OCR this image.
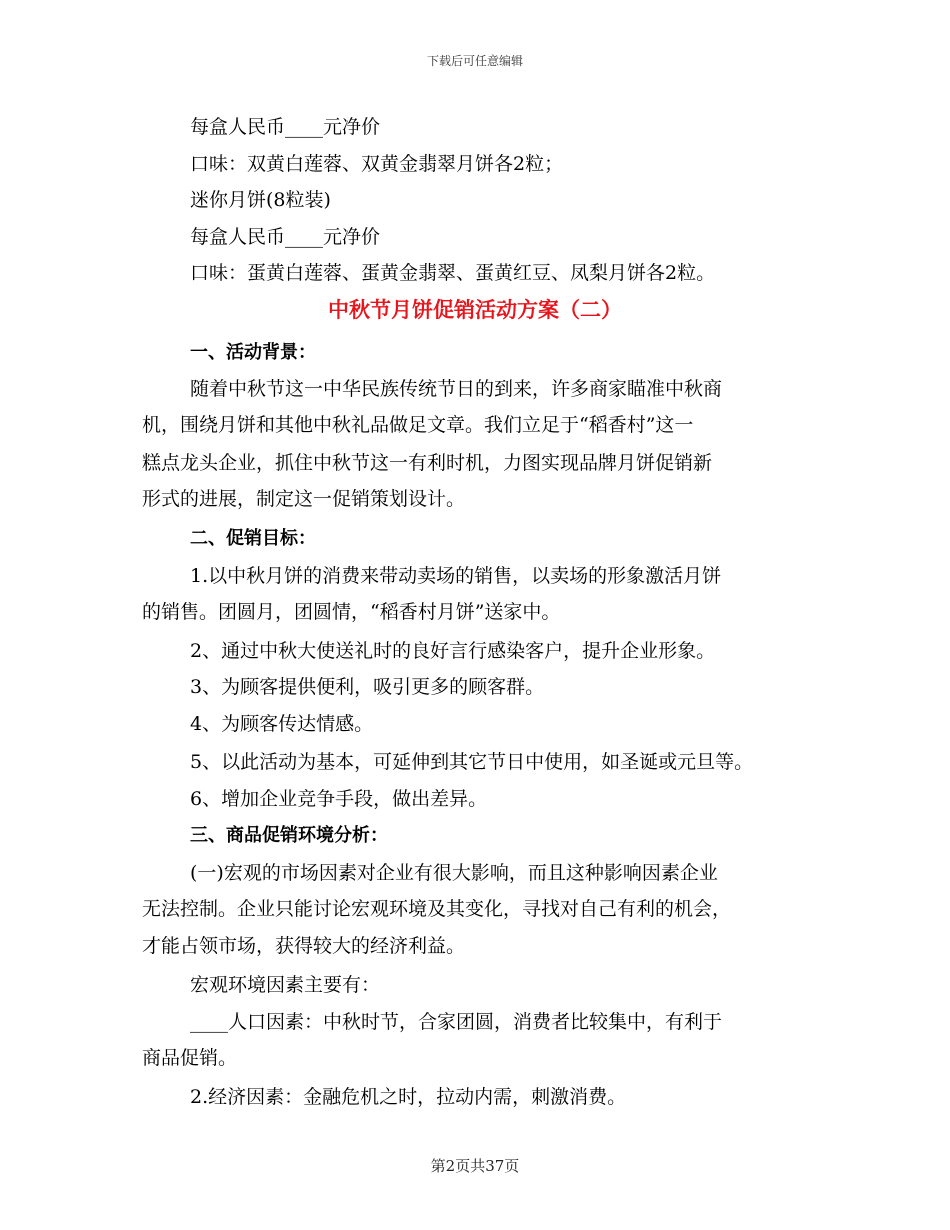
下载后可任意编辑
每盒人民币____元净价
口味：双黄白莲蓉、双黄金翡翠月饼各2粒；
迷你月饼(8粒装)
每盒人民币____元净价
口味：蛋黄白莲蓉、蛋黄金翡翠、蛋黄红豆、凤梨月饼各2粒。
中秋节月饼促销活动方案（二）
一、活动背景：
随着中秋节这一中华民族传统节日的到来，许多商家瞄准中秋商
机，围绕月饼和其他中秋礼品做足文章。我们立足于“稻香村”这一
糕点龙头企业，抓住中秋节这一有利时机，力图实现品牌月饼促销新
形式的进展，制定这一促销策划设计。
二、促销目标：
1.以中秋月饼的消费来带动卖场的销售，以卖场的形象激活月饼
的销售。团圆月，团圆情，“稻香村月饼”送家中。
2、通过中秋大使送礼时的良好言行感染客户，提升企业形象。
3、为顾客提供便利，吸引更多的顾客群。
4、为顾客传达情感。
5、以此活动为基本，可延伸到其它节日中使用，如圣诞或元旦等。
6、增加企业竞争手段，做出差异。
三、商品促销环境分析：
(一)宏观的市场因素对企业有很大影响，而且这种影响因素企业
无法控制。企业只能讨论宏观环境及其变化，寻找对自己有利的机会，
才能占领市场，获得较大的经济利益。
宏观环境因素主要有：
____人口因素：中秋时节，合家团圆，消费者比较集中，有利于
商品促销。
2.经济因素：金融危机之时，拉动内需，刺激消费。
第2页共37页
